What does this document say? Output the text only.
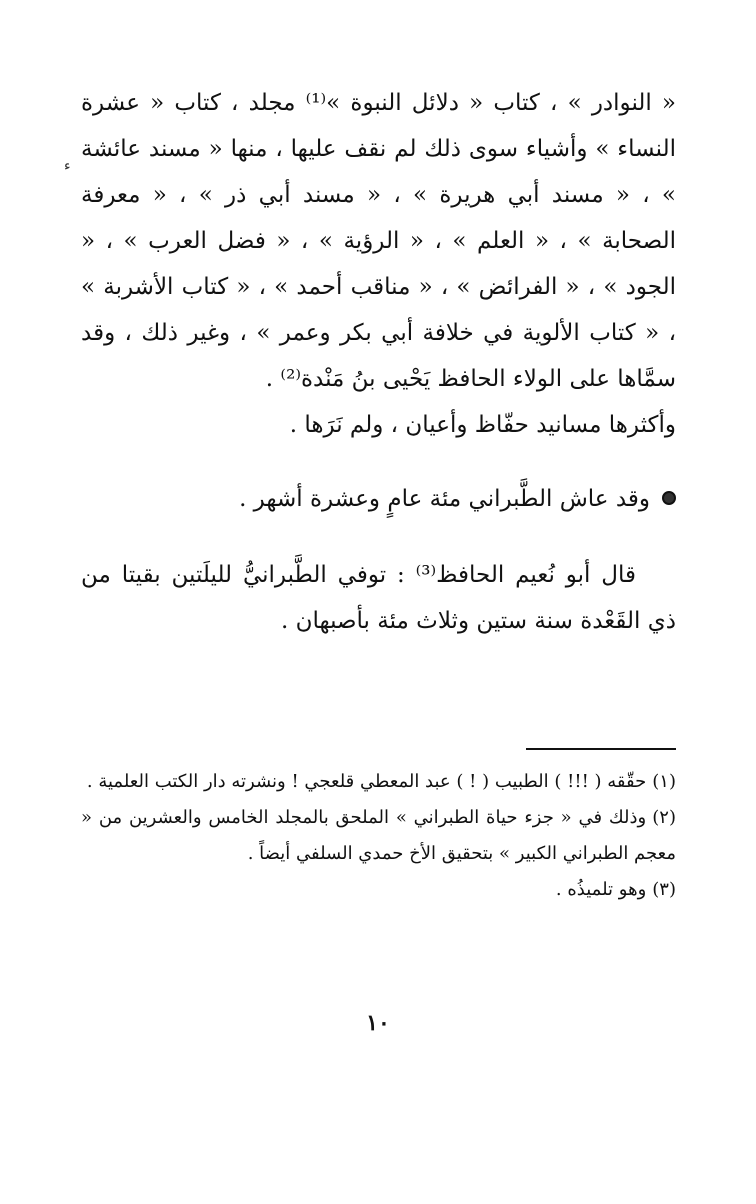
ء

« النوادر » ، كتاب « دلائل النبوة »⁽¹⁾ مجلد ، كتاب « عشرة النساء » وأشياء سوى ذلك لم نقف عليها ، منها « مسند عائشة » ، « مسند أبي هريرة » ، « مسند أبي ذر » ، « معرفة الصحابة » ، « العلم » ، « الرؤية » ، « فضل العرب » ، « الجود » ، « الفرائض » ، « مناقب أحمد » ، « كتاب الأشربة » ، « كتاب الألوية في خلافة أبي بكر وعمر » ، وغير ذلك ، وقد سمَّاها على الولاء الحافظ يَحْيى بنُ مَنْدة⁽²⁾ .

وأكثرها مسانيد حفّاظ وأعيان ، ولم نَرَها .

وقد عاش الطَّبراني مئة عامٍ وعشرة أشهر .

قال أبو نُعيم الحافظ⁽³⁾ : توفي الطَّبرانيُّ لليلَتين بقيتا من ذي القَعْدة سنة ستين وثلاث مئة بأصبهان .

(١)حقّقه ( !!! ) الطبيب ( ! ) عبد المعطي قلعجي ! ونشرته دار الكتب العلمية .

(٢)وذلك في « جزء حياة الطبراني » الملحق بالمجلد الخامس والعشرين من « معجم الطبراني الكبير » بتحقيق الأخ حمدي السلفي أيضاً .

(٣)وهو تلميذُه .

١٠
